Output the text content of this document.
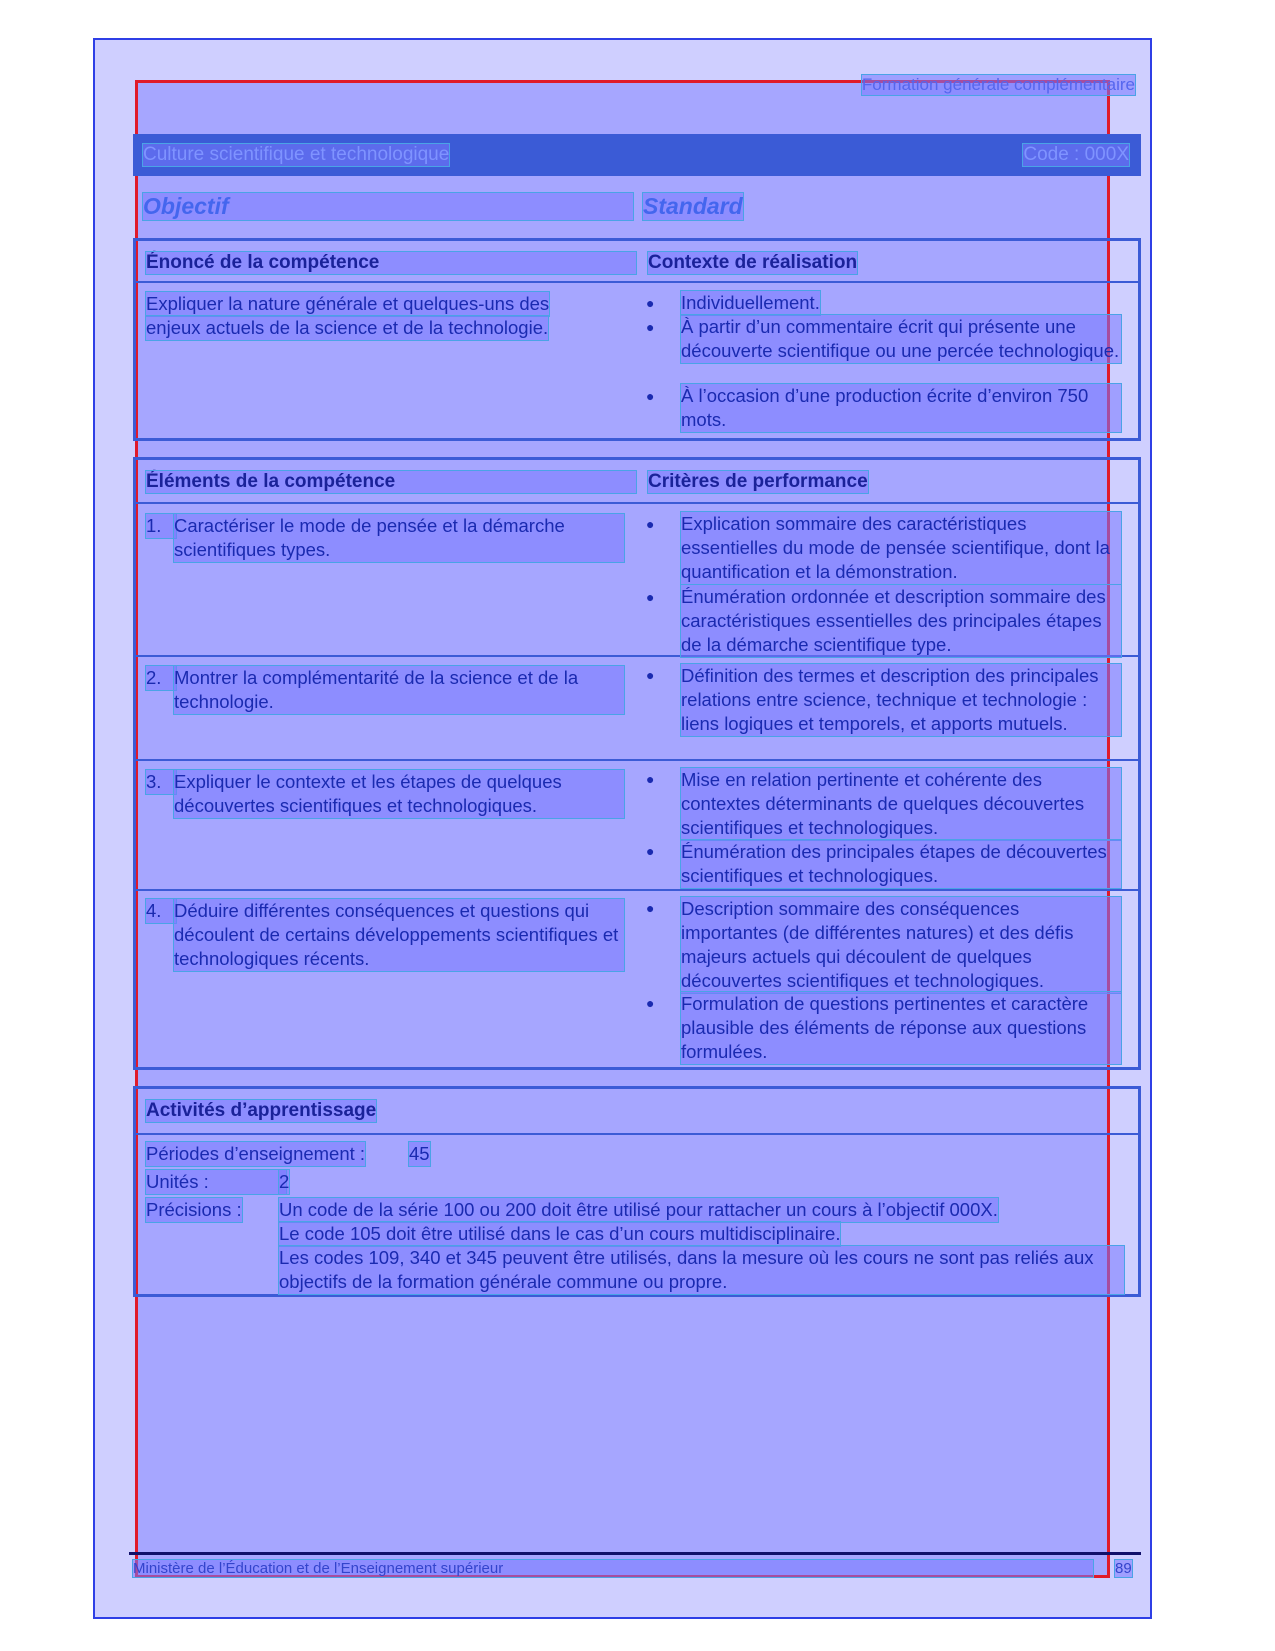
Formation générale complémentaire
Culture scientifique et technologique	Code : 000X
Objectif	Standard
Énoncé de la compétence	Contexte de réalisation
Expliquer la nature générale et quelques-uns des
enjeux actuels de la science et de la technologie.
● Individuellement.
● À partir d’un commentaire écrit qui présente une découverte scientifique ou une percée technologique.
● À l’occasion d’une production écrite d’environ 750 mots.
Éléments de la compétence	Critères de performance
1. Caractériser le mode de pensée et la démarche scientifiques types.
● Explication sommaire des caractéristiques essentielles du mode de pensée scientifique, dont la quantification et la démonstration.
● Énumération ordonnée et description sommaire des caractéristiques essentielles des principales étapes de la démarche scientifique type.
2. Montrer la complémentarité de la science et de la technologie.
● Définition des termes et description des principales relations entre science, technique et technologie : liens logiques et temporels, et apports mutuels.
3. Expliquer le contexte et les étapes de quelques découvertes scientifiques et technologiques.
● Mise en relation pertinente et cohérente des contextes déterminants de quelques découvertes scientifiques et technologiques.
● Énumération des principales étapes de découvertes scientifiques et technologiques.
4. Déduire différentes conséquences et questions qui découlent de certains développements scientifiques et technologiques récents.
● Description sommaire des conséquences importantes (de différentes natures) et des défis majeurs actuels qui découlent de quelques découvertes scientifiques et technologiques.
● Formulation de questions pertinentes et caractère plausible des éléments de réponse aux questions formulées.
Activités d’apprentissage
Périodes d’enseignement : 45
Unités :	2
Précisions : Un code de la série 100 ou 200 doit être utilisé pour rattacher un cours à l’objectif 000X.
Le code 105 doit être utilisé dans le cas d’un cours multidisciplinaire.
Les codes 109, 340 et 345 peuvent être utilisés, dans la mesure où les cours ne sont pas reliés aux objectifs de la formation générale commune ou propre.
Ministère de l’Éducation et de l’Enseignement supérieur	89
